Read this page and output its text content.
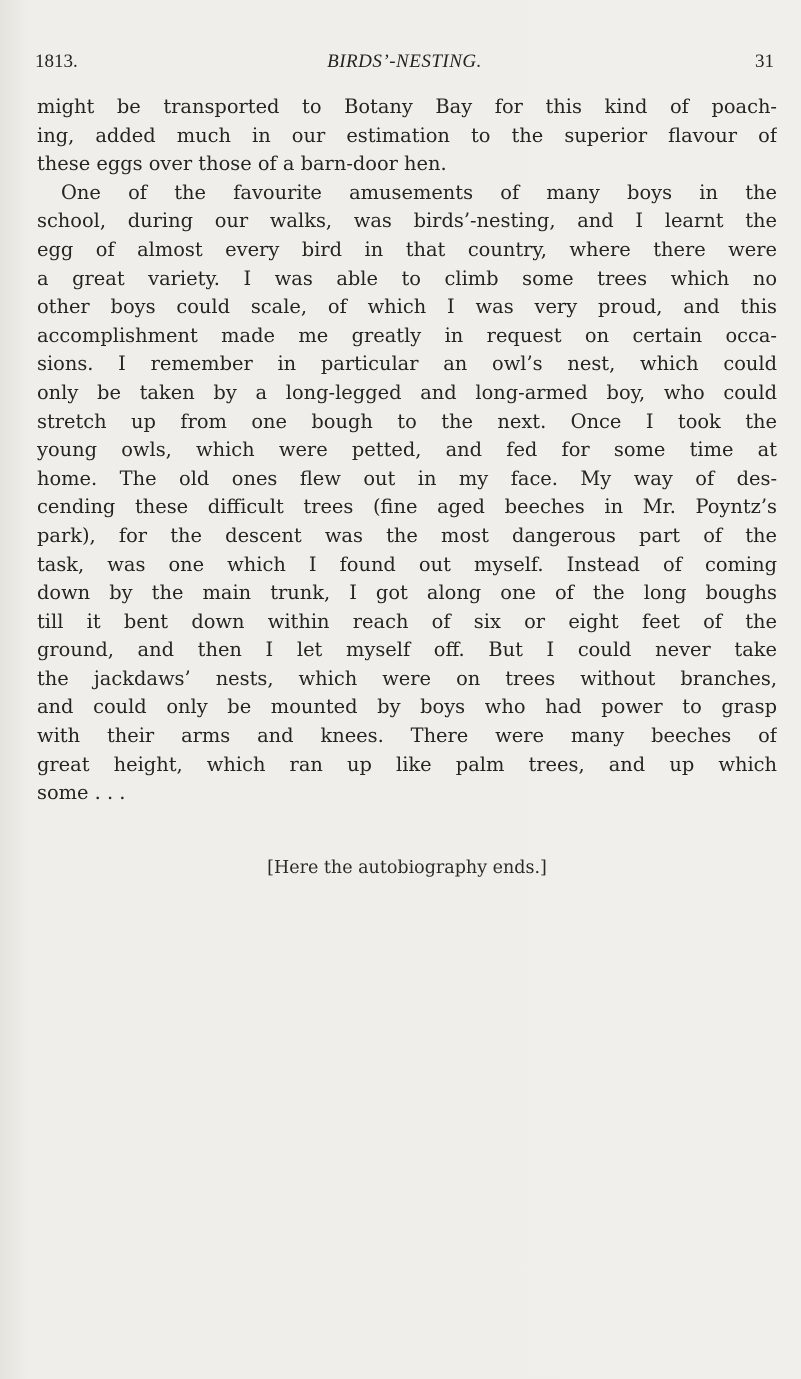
1813.	BIRDS’-NESTING.	31
might be transported to Botany Bay for this kind of poach-
ing, added much in our estimation to the superior flavour of
these eggs over those of a barn-door hen.
One of the favourite amusements of many boys in the
school, during our walks, was birds’-nesting, and I learnt the
egg of almost every bird in that country, where there were
a great variety. I was able to climb some trees which no
other boys could scale, of which I was very proud, and this
accomplishment made me greatly in request on certain occa-
sions. I remember in particular an owl’s nest, which could
only be taken by a long-legged and long-armed boy, who could
stretch up from one bough to the next. Once I took the
young owls, which were petted, and fed for some time at
home. The old ones flew out in my face. My way of des-
cending these difficult trees (fine aged beeches in Mr. Poyntz’s
park), for the descent was the most dangerous part of the
task, was one which I found out myself. Instead of coming
down by the main trunk, I got along one of the long boughs
till it bent down within reach of six or eight feet of the
ground, and then I let myself off. But I could never take
the jackdaws’ nests, which were on trees without branches,
and could only be mounted by boys who had power to grasp
with their arms and knees. There were many beeches of
great height, which ran up like palm trees, and up which
some . . .
[Here the autobiography ends.]
